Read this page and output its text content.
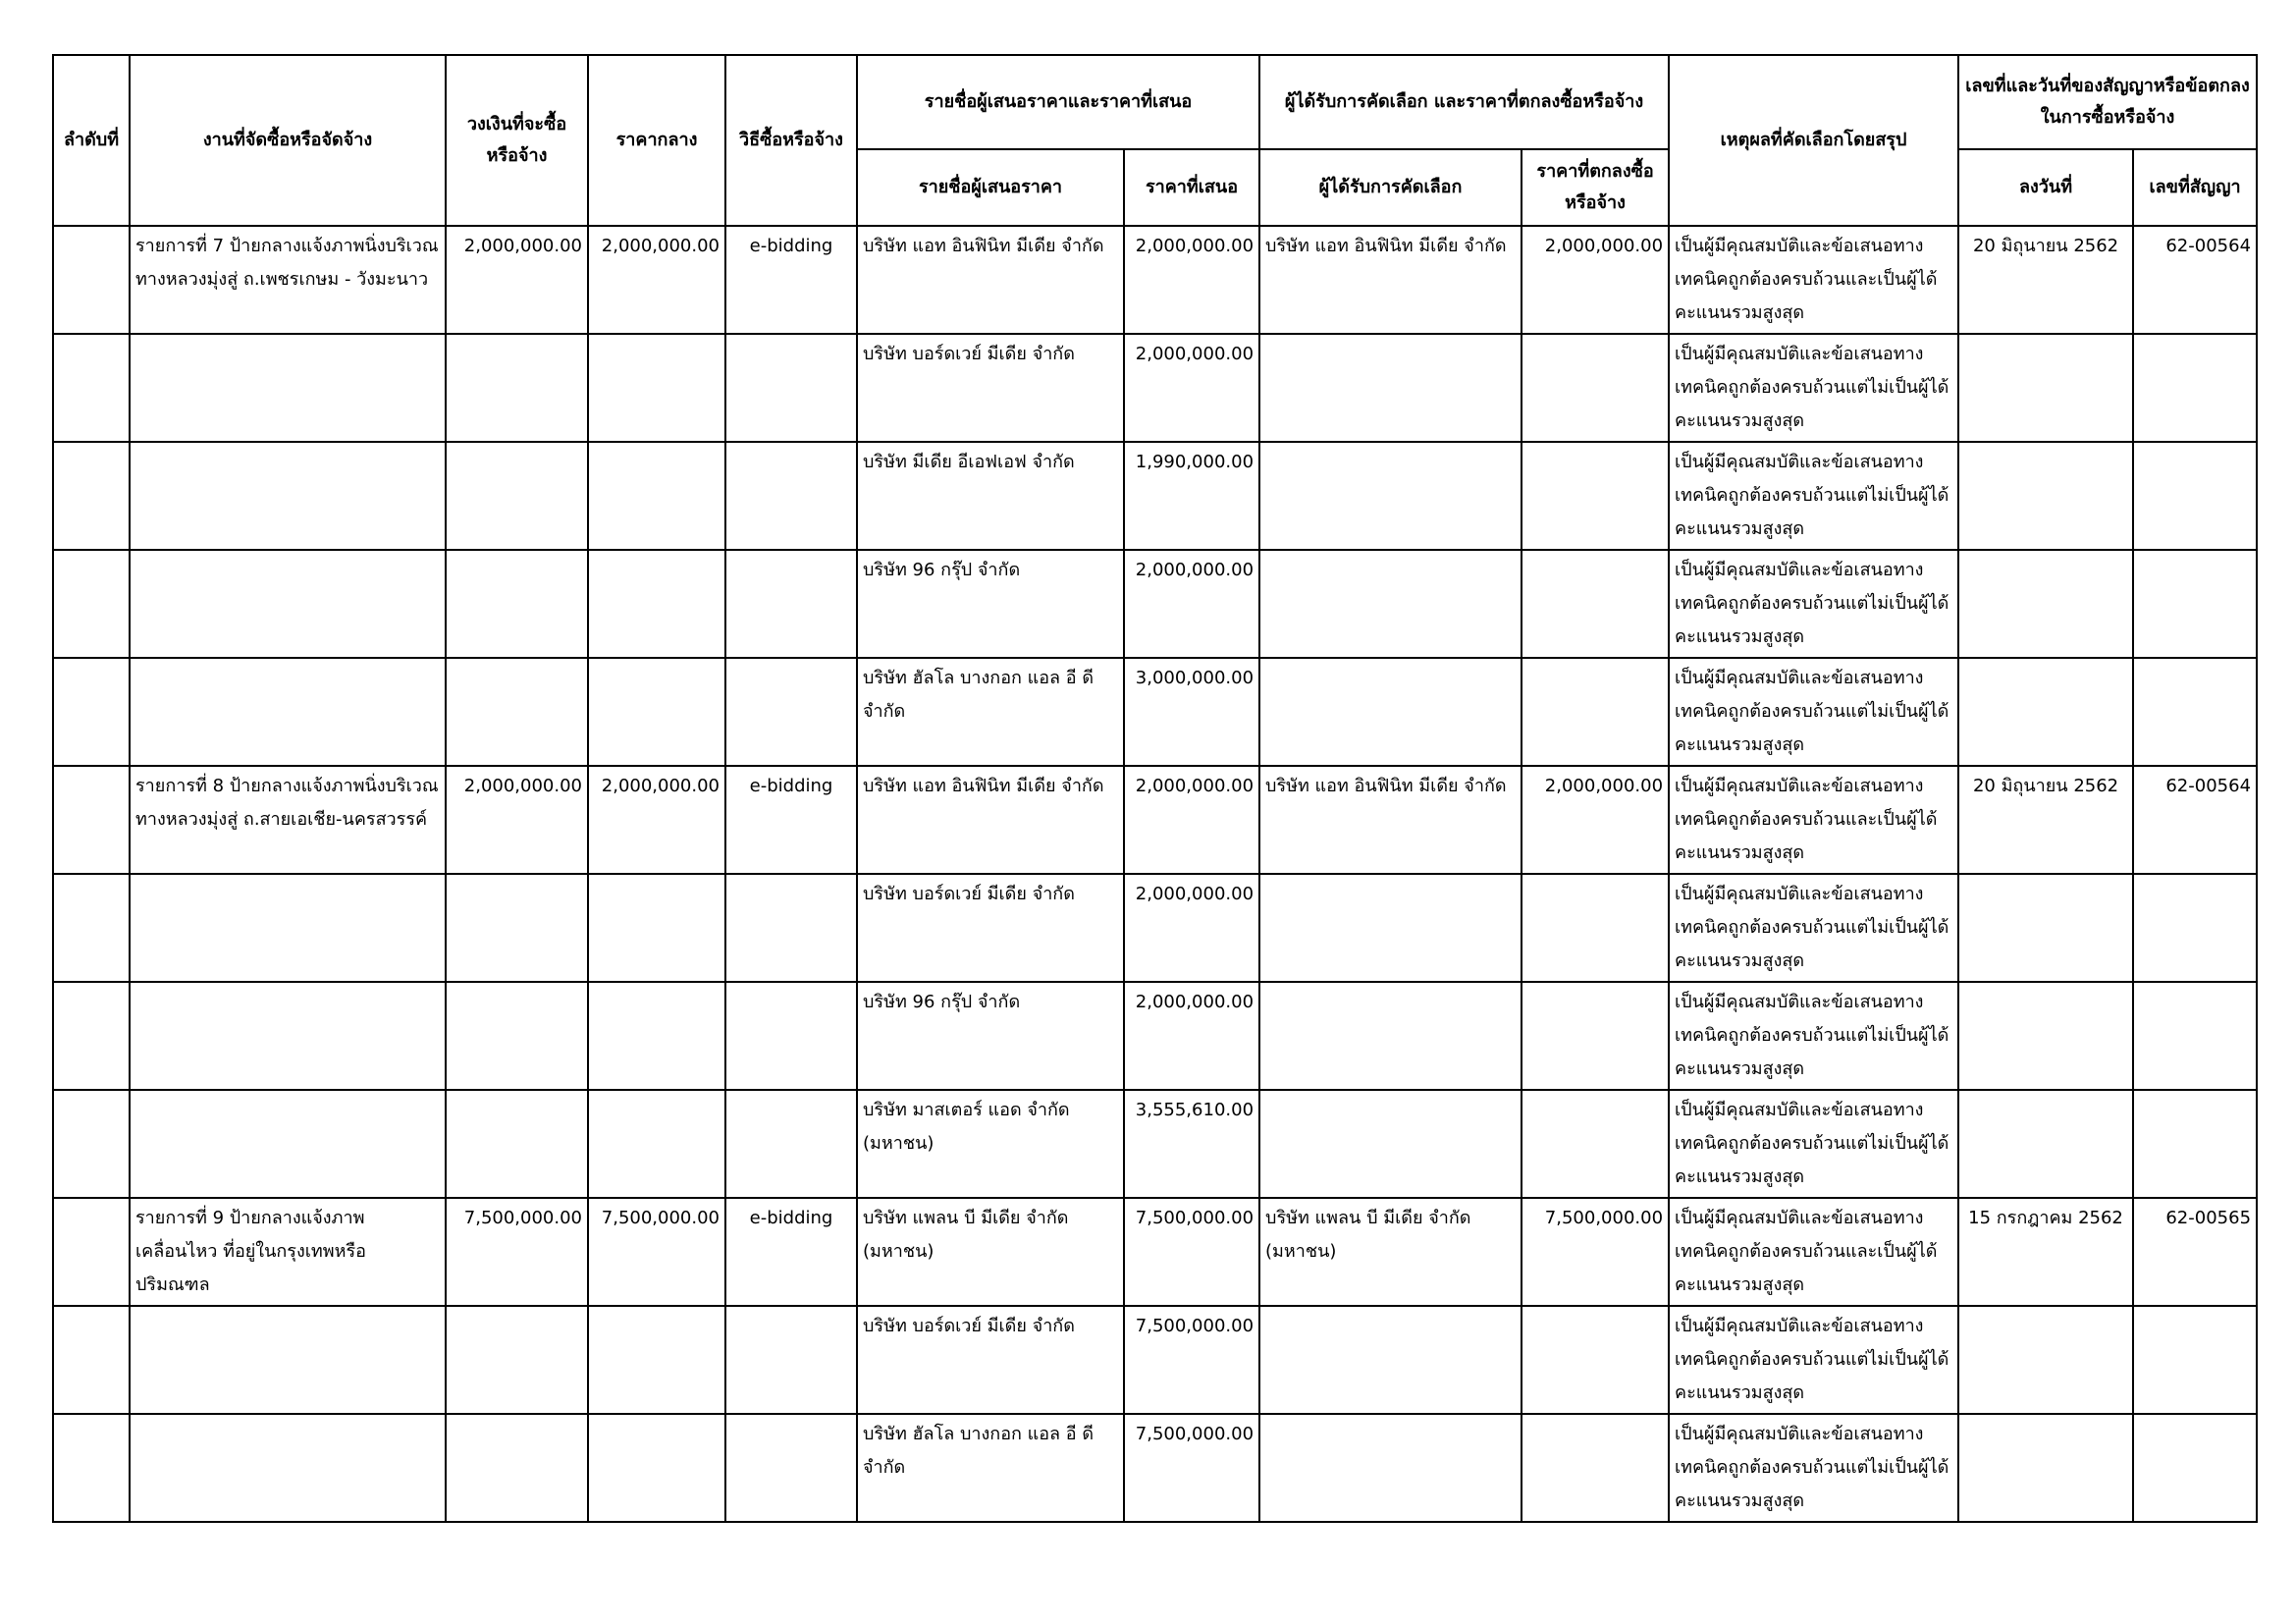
ลำดับที่	งานที่จัดซื้อหรือจัดจ้าง	วงเงินที่จะซื้อหรือจ้าง	ราคากลาง	วิธีซื้อหรือจ้าง	รายชื่อผู้เสนอราคาและราคาที่เสนอ		ผู้ได้รับการคัดเลือก และราคาที่ตกลงซื้อหรือจ้าง		เหตุผลที่คัดเลือกโดยสรุป	เลขที่และวันที่ของสัญญาหรือข้อตกลงในการซื้อหรือจ้าง	
					รายชื่อผู้เสนอราคา	ราคาที่เสนอ	ผู้ได้รับการคัดเลือก	ราคาที่ตกลงซื้อหรือจ้าง		ลงวันที่	เลขที่สัญญา
	รายการที่ 7 ป้ายกลางแจ้งภาพนิ่งบริเวณทางหลวงมุ่งสู่ ถ.เพชรเกษม - วังมะนาว	2,000,000.00	2,000,000.00	e-bidding	บริษัท แอท อินฟินิท มีเดีย จำกัด	2,000,000.00	บริษัท แอท อินฟินิท มีเดีย จำกัด	2,000,000.00	เป็นผู้มีคุณสมบัติและข้อเสนอทางเทคนิคถูกต้องครบถ้วนและเป็นผู้ได้คะแนนรวมสูงสุด	20 มิถุนายน 2562	62-00564
					บริษัท บอร์ดเวย์ มีเดีย จำกัด	2,000,000.00			เป็นผู้มีคุณสมบัติและข้อเสนอทางเทคนิคถูกต้องครบถ้วนแต่ไม่เป็นผู้ได้คะแนนรวมสูงสุด		
					บริษัท มีเดีย อีเอฟเอฟ จำกัด	1,990,000.00			เป็นผู้มีคุณสมบัติและข้อเสนอทางเทคนิคถูกต้องครบถ้วนแต่ไม่เป็นผู้ได้คะแนนรวมสูงสุด		
					บริษัท 96 กรุ๊ป จำกัด	2,000,000.00			เป็นผู้มีคุณสมบัติและข้อเสนอทางเทคนิคถูกต้องครบถ้วนแต่ไม่เป็นผู้ได้คะแนนรวมสูงสุด		
					บริษัท ฮัลโล บางกอก แอล อี ดี จำกัด	3,000,000.00			เป็นผู้มีคุณสมบัติและข้อเสนอทางเทคนิคถูกต้องครบถ้วนแต่ไม่เป็นผู้ได้คะแนนรวมสูงสุด		
	รายการที่ 8 ป้ายกลางแจ้งภาพนิ่งบริเวณทางหลวงมุ่งสู่ ถ.สายเอเชีย-นครสวรรค์	2,000,000.00	2,000,000.00	e-bidding	บริษัท แอท อินฟินิท มีเดีย จำกัด	2,000,000.00	บริษัท แอท อินฟินิท มีเดีย จำกัด	2,000,000.00	เป็นผู้มีคุณสมบัติและข้อเสนอทางเทคนิคถูกต้องครบถ้วนและเป็นผู้ได้คะแนนรวมสูงสุด	20 มิถุนายน 2562	62-00564
					บริษัท บอร์ดเวย์ มีเดีย จำกัด	2,000,000.00			เป็นผู้มีคุณสมบัติและข้อเสนอทางเทคนิคถูกต้องครบถ้วนแต่ไม่เป็นผู้ได้คะแนนรวมสูงสุด		
					บริษัท 96 กรุ๊ป จำกัด	2,000,000.00			เป็นผู้มีคุณสมบัติและข้อเสนอทางเทคนิคถูกต้องครบถ้วนแต่ไม่เป็นผู้ได้คะแนนรวมสูงสุด		
					บริษัท มาสเตอร์ แอด จำกัด (มหาชน)	3,555,610.00			เป็นผู้มีคุณสมบัติและข้อเสนอทางเทคนิคถูกต้องครบถ้วนแต่ไม่เป็นผู้ได้คะแนนรวมสูงสุด		
	รายการที่ 9 ป้ายกลางแจ้งภาพเคลื่อนไหว ที่อยู่ในกรุงเทพหรือปริมณฑล	7,500,000.00	7,500,000.00	e-bidding	บริษัท แพลน บี มีเดีย จำกัด (มหาชน)	7,500,000.00	บริษัท แพลน บี มีเดีย จำกัด (มหาชน)	7,500,000.00	เป็นผู้มีคุณสมบัติและข้อเสนอทางเทคนิคถูกต้องครบถ้วนและเป็นผู้ได้คะแนนรวมสูงสุด	15 กรกฎาคม 2562	62-00565
					บริษัท บอร์ดเวย์ มีเดีย จำกัด	7,500,000.00			เป็นผู้มีคุณสมบัติและข้อเสนอทางเทคนิคถูกต้องครบถ้วนแต่ไม่เป็นผู้ได้คะแนนรวมสูงสุด		
					บริษัท ฮัลโล บางกอก แอล อี ดี จำกัด	7,500,000.00			เป็นผู้มีคุณสมบัติและข้อเสนอทางเทคนิคถูกต้องครบถ้วนแต่ไม่เป็นผู้ได้คะแนนรวมสูงสุด		
